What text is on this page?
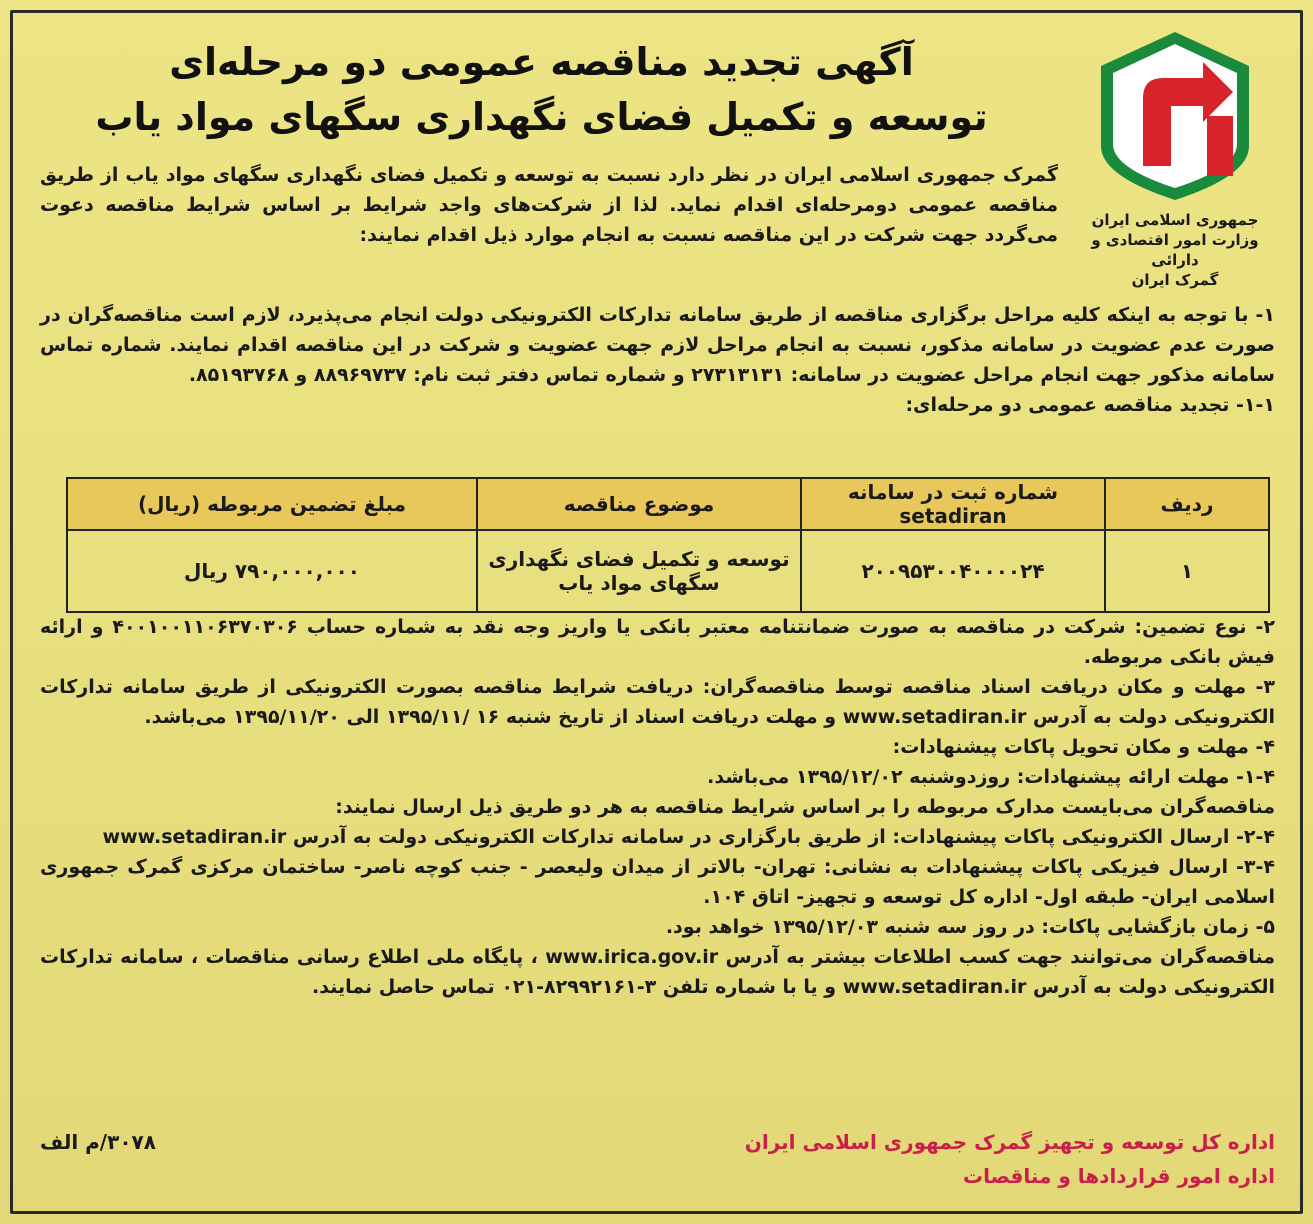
جمهوری اسلامی ایران
وزارت امور اقتصادی و دارائی
گمرک ایران
آگهی تجدید مناقصه عمومی دو مرحله‌ای
توسعه و تکمیل فضای نگهداری سگهای مواد یاب
گمرک جمهوری اسلامی ایران در نظر دارد نسبت به توسعه و تکمیل فضای نگهداری سگهای مواد یاب از طریق مناقصه عمومی دومرحله‌ای اقدام نماید. لذا از شرکت‌های واجد شرایط بر اساس شرایط مناقصه دعوت می‌گردد جهت شرکت در این مناقصه نسبت به انجام موارد ذیل اقدام نمایند:
۱- با توجه به اینکه کلیه مراحل برگزاری مناقصه از طریق سامانه تدارکات الکترونیکی دولت انجام می‌پذیرد، لازم است مناقصه‌گران در صورت عدم عضویت در سامانه مذکور، نسبت به انجام مراحل لازم جهت عضویت و شرکت در این مناقصه اقدام نمایند. شماره تماس سامانه مذکور جهت انجام مراحل عضویت در سامانه: ۲۷۳۱۳۱۳۱ و شماره تماس دفتر ثبت نام: ۸۸۹۶۹۷۳۷ و ۸۵۱۹۳۷۶۸.
۱-۱- تجدید مناقصه عمومی دو مرحله‌ای:
ردیف	شماره ثبت در سامانه setadiran	موضوع مناقصه	مبلغ تضمین مربوطه (ریال)
۱	۲۰۰۹۵۳۰۰۴۰۰۰۰۲۴	توسعه و تکمیل فضای نگهداری سگهای مواد یاب	۷۹۰,۰۰۰,۰۰۰ ریال
۲- نوع تضمین: شرکت در مناقصه به صورت ضمانتنامه معتبر بانکی یا واریز وجه نقد به شماره حساب ۴۰۰۱۰۰۱۱۰۶۳۷۰۳۰۶ و ارائه فیش بانکی مربوطه.
۳- مهلت و مکان دریافت اسناد مناقصه توسط مناقصه‌گران: دریافت شرایط مناقصه بصورت الکترونیکی از طریق سامانه تدارکات الکترونیکی دولت به آدرس www.setadiran.ir و مهلت دریافت اسناد از تاریخ شنبه ۱۶ /۱۳۹۵/۱۱ الی ۱۳۹۵/۱۱/۲۰ می‌باشد.
۴- مهلت و مکان تحویل پاکات پیشنهادات:
۱-۴- مهلت ارائه پیشنهادات: روزدوشنبه ۱۳۹۵/۱۲/۰۲ می‌باشد.
مناقصه‌گران می‌بایست مدارک مربوطه را بر اساس شرایط مناقصه به هر دو طریق ذیل ارسال نمایند:
۲-۴- ارسال الکترونیکی پاکات پیشنهادات: از طریق بارگزاری در سامانه تدارکات الکترونیکی دولت به آدرس www.setadiran.ir
۳-۴- ارسال فیزیکی پاکات پیشنهادات به نشانی: تهران- بالاتر از میدان ولیعصر - جنب کوچه ناصر- ساختمان مرکزی گمرک جمهوری اسلامی ایران- طبقه اول- اداره کل توسعه و تجهیز- اتاق ۱۰۴.
۵- زمان بازگشایی پاکات: در روز سه شنبه ۱۳۹۵/۱۲/۰۳ خواهد بود.
مناقصه‌گران می‌توانند جهت کسب اطلاعات بیشتر به آدرس www.irica.gov.ir ، پایگاه ملی اطلاع رسانی مناقصات ، سامانه تدارکات الکترونیکی دولت به آدرس www.setadiran.ir و یا با شماره تلفن ۳-۸۲۹۹۲۱۶۱-۰۲۱ تماس حاصل نمایند.
اداره کل توسعه و تجهیز گمرک جمهوری اسلامی ایران
اداره امور قراردادها و مناقصات
۳۰۷۸/م الف
